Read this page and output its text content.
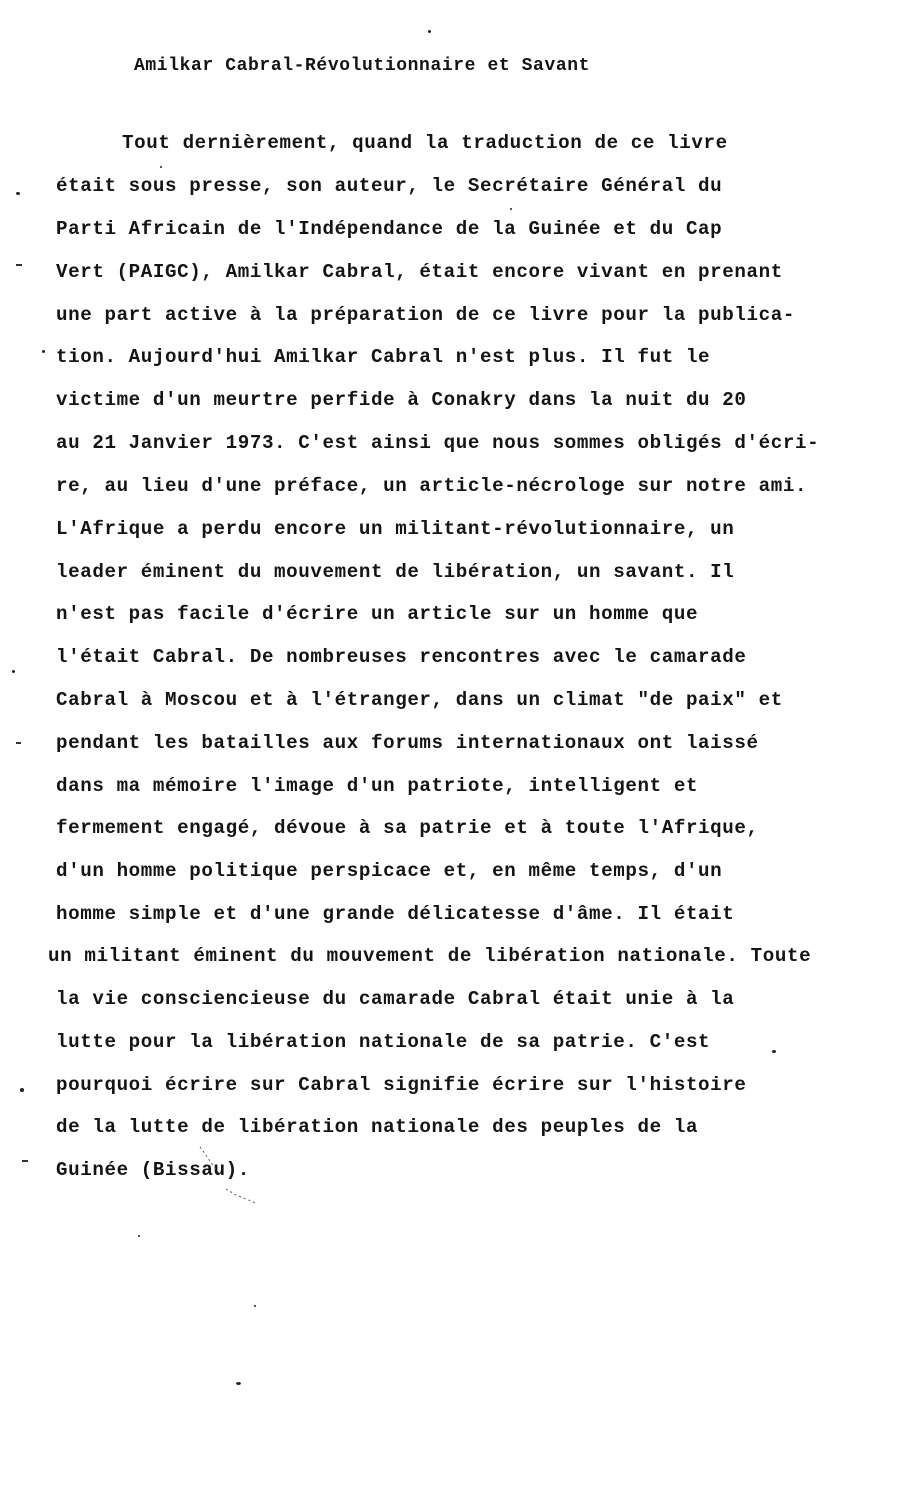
Amilkar Cabral-Révolutionnaire et Savant
Tout dernièrement, quand la traduction de ce livre
était sous presse, son auteur, le Secrétaire Général du
Parti Africain de l'Indépendance de la Guinée et du Cap
Vert (PAIGC), Amilkar Cabral, était encore vivant en prenant
une part active à la préparation de ce livre pour la publica-
tion. Aujourd'hui Amilkar Cabral n'est plus. Il fut le
victime d'un meurtre perfide à Conakry dans la nuit du 20
au 21 Janvier 1973. C'est ainsi que nous sommes obligés d'écri-
re, au lieu d'une préface, un article-nécrologe sur notre ami.
L'Afrique a perdu encore un militant-révolutionnaire, un
leader éminent du mouvement de libération, un savant. Il
n'est pas facile d'écrire un article sur un homme que
l'était Cabral. De nombreuses rencontres avec le camarade
Cabral à Moscou et à l'étranger, dans un climat "de paix" et
pendant les batailles aux forums internationaux ont laissé
dans ma mémoire l'image d'un patriote, intelligent et
fermement engagé, dévoue à sa patrie et à toute l'Afrique,
d'un homme politique perspicace et, en même temps, d'un
homme simple et d'une grande délicatesse d'âme. Il était
un militant éminent du mouvement de libération nationale. Toute
la vie consciencieuse du camarade Cabral était unie à la
lutte pour la libération nationale de sa patrie. C'est
pourquoi écrire sur Cabral signifie écrire sur l'histoire
de la lutte de libération nationale des peuples de la
Guinée (Bissau).
